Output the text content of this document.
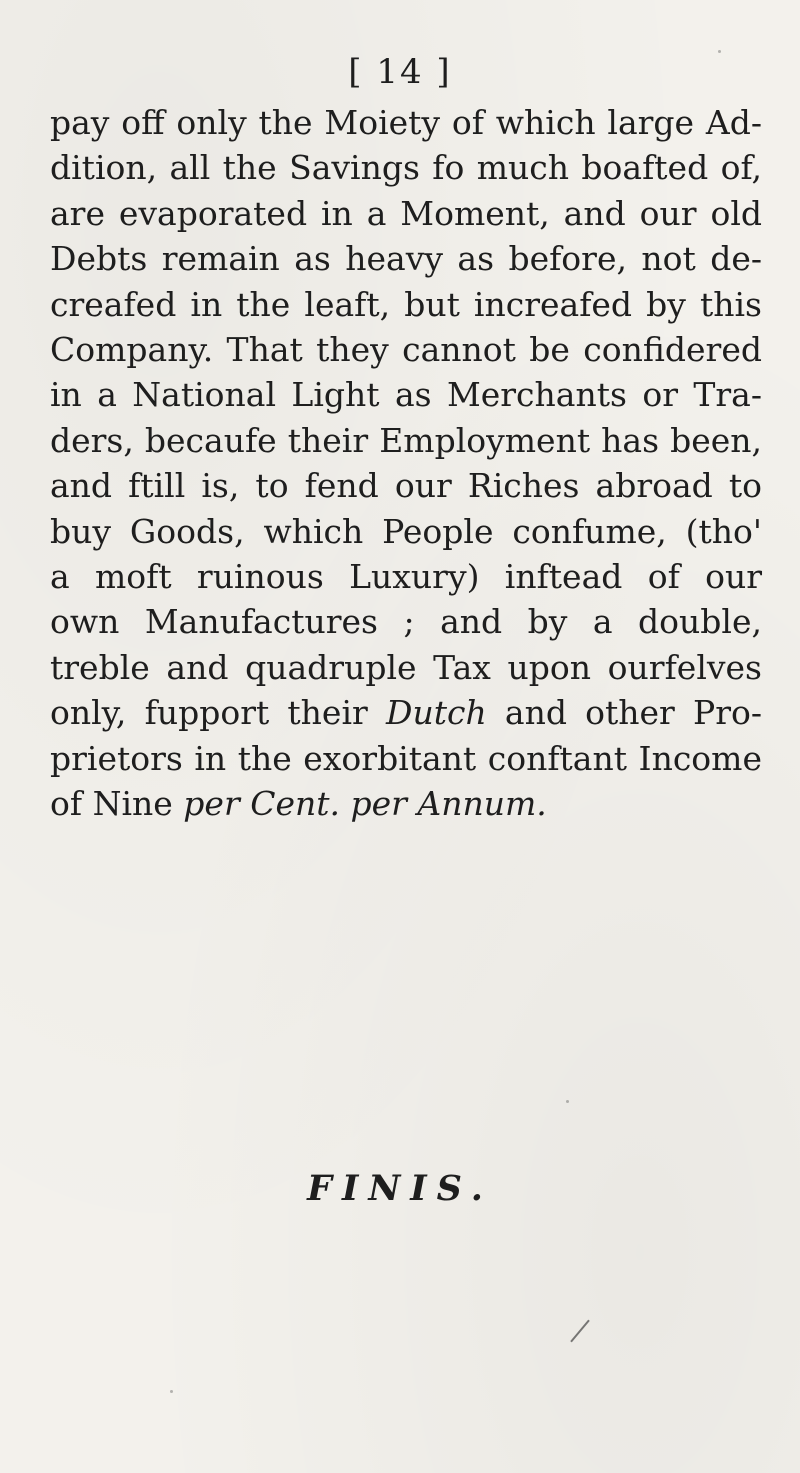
[ 14 ]
pay off only the Moiety of which large Ad-
dition, all the Savings fo much boafted of,
are evaporated in a Moment, and our old
Debts remain as heavy as before, not de-
creafed in the leaft, but increafed by this
Company. That they cannot be confidered
in a National Light as Merchants or Tra-
ders, becaufe their Employment has been,
and ftill is, to fend our Riches abroad to
buy Goods, which People confume, (tho'
a moft ruinous Luxury) inftead of our
own Manufactures ; and by a double,
treble and quadruple Tax upon ourfelves
only, fupport their Dutch and other Pro-
prietors in the exorbitant conftant Income
of Nine per Cent. per Annum.
FINIS.
